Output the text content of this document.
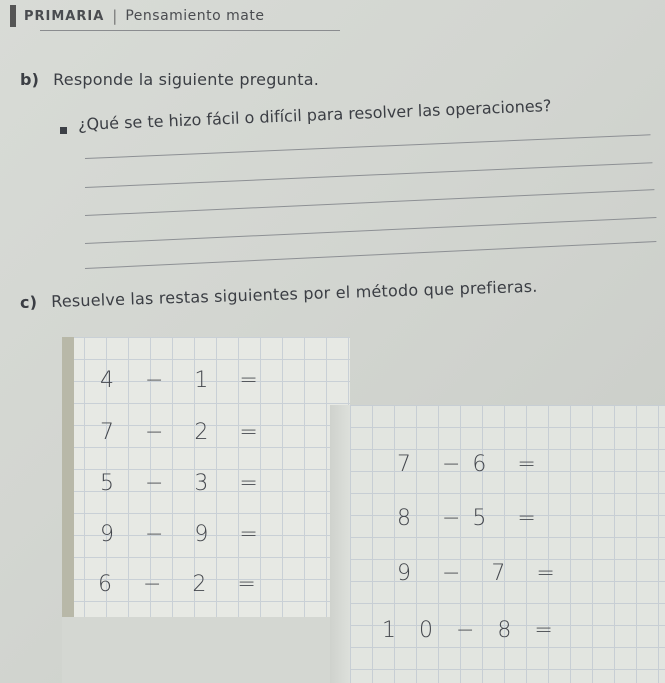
PRIMARIA | Pensamiento mate
b) Responde la siguiente pregunta.
¿Qué se te hizo fácil o difícil para resolver las operaciones?
c) Resuelve las restas siguientes por el método que prefieras.
4 − 1 =
7 − 2 =
5 − 3 =
9 − 9 =
6 − 2 =
7 −6 =
8 −5 =
9 − 7 =
1 0 − 8 =
